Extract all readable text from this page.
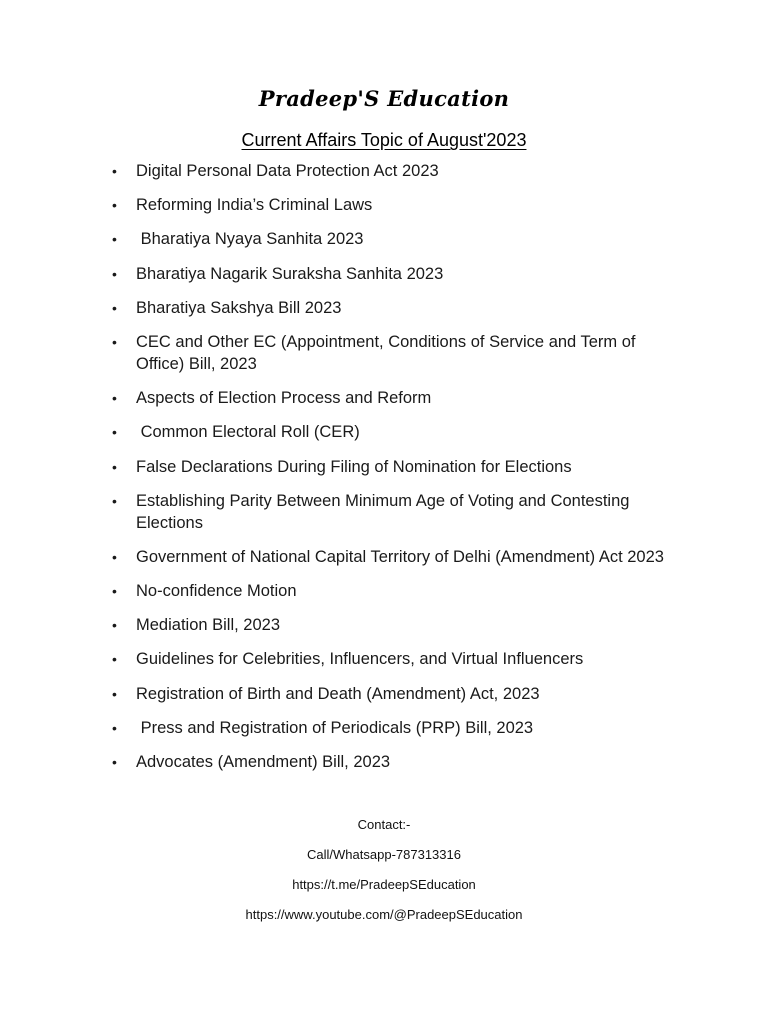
Pradeep'S Education
Current Affairs Topic of August'2023
• Digital Personal Data Protection Act 2023
• Reforming India’s Criminal Laws
• Bharatiya Nyaya Sanhita 2023
• Bharatiya Nagarik Suraksha Sanhita 2023
• Bharatiya Sakshya Bill 2023
• CEC and Other EC (Appointment, Conditions of Service and Term of Office) Bill, 2023
• Aspects of Election Process and Reform
• Common Electoral Roll (CER)
• False Declarations During Filing of Nomination for Elections
• Establishing Parity Between Minimum Age of Voting and Contesting Elections
• Government of National Capital Territory of Delhi (Amendment) Act 2023
• No-confidence Motion
• Mediation Bill, 2023
• Guidelines for Celebrities, Influencers, and Virtual Influencers
• Registration of Birth and Death (Amendment) Act, 2023
• Press and Registration of Periodicals (PRP) Bill, 2023
• Advocates (Amendment) Bill, 2023
Contact:-
Call/Whatsapp-787313316
https://t.me/PradeepSEducation
https://www.youtube.com/@PradeepSEducation
